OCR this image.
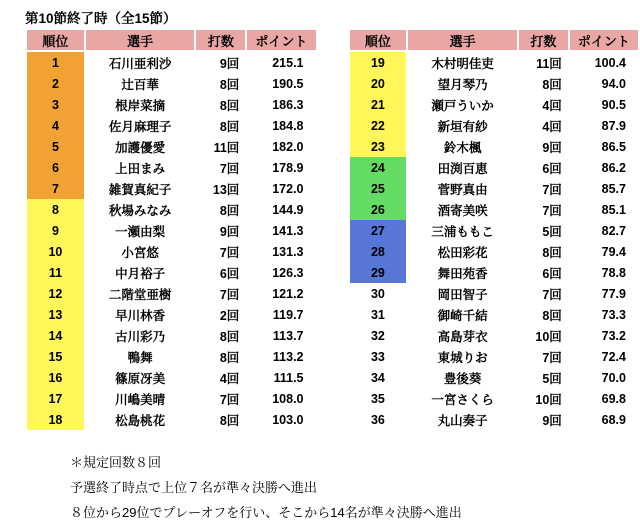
第10節終了時（全15節）
順位	選手	打数	ポイント
1	石川亜利沙	9回	215.1
2	辻百華	8回	190.5
3	根岸菜摘	8回	186.3
4	佐月麻理子	8回	184.8
5	加護優愛	11回	182.0
6	上田まみ	7回	178.9
7	雑賀真紀子	13回	172.0
8	秋場みなみ	8回	144.9
9	一瀬由梨	9回	141.3
10	小宮悠	7回	131.3
11	中月裕子	6回	126.3
12	二階堂亜樹	7回	121.2
13	早川林香	2回	119.7
14	古川彩乃	8回	113.7
15	鴨舞	8回	113.2
16	篠原冴美	4回	111.5
17	川嶋美晴	7回	108.0
18	松島桃花	8回	103.0
順位	選手	打数	ポイント
19	木村明佳吏	11回	100.4
20	望月琴乃	8回	94.0
21	瀬戸ういか	4回	90.5
22	新垣有紗	4回	87.9
23	鈴木楓	9回	86.5
24	田渕百恵	6回	86.2
25	菅野真由	7回	85.7
26	酒寄美咲	7回	85.1
27	三浦ももこ	5回	82.7
28	松田彩花	8回	79.4
29	舞田苑香	6回	78.8
30	岡田智子	7回	77.9
31	御崎千結	8回	73.3
32	高島芽衣	10回	73.2
33	東城りお	7回	72.4
34	豊後葵	5回	70.0
35	一宮さくら	10回	69.8
36	丸山奏子	9回	68.9

＊規定回数８回

予選終了時点で上位７名が準々決勝へ進出

８位から29位でプレーオフを行い、そこから14名が準々決勝へ進出
